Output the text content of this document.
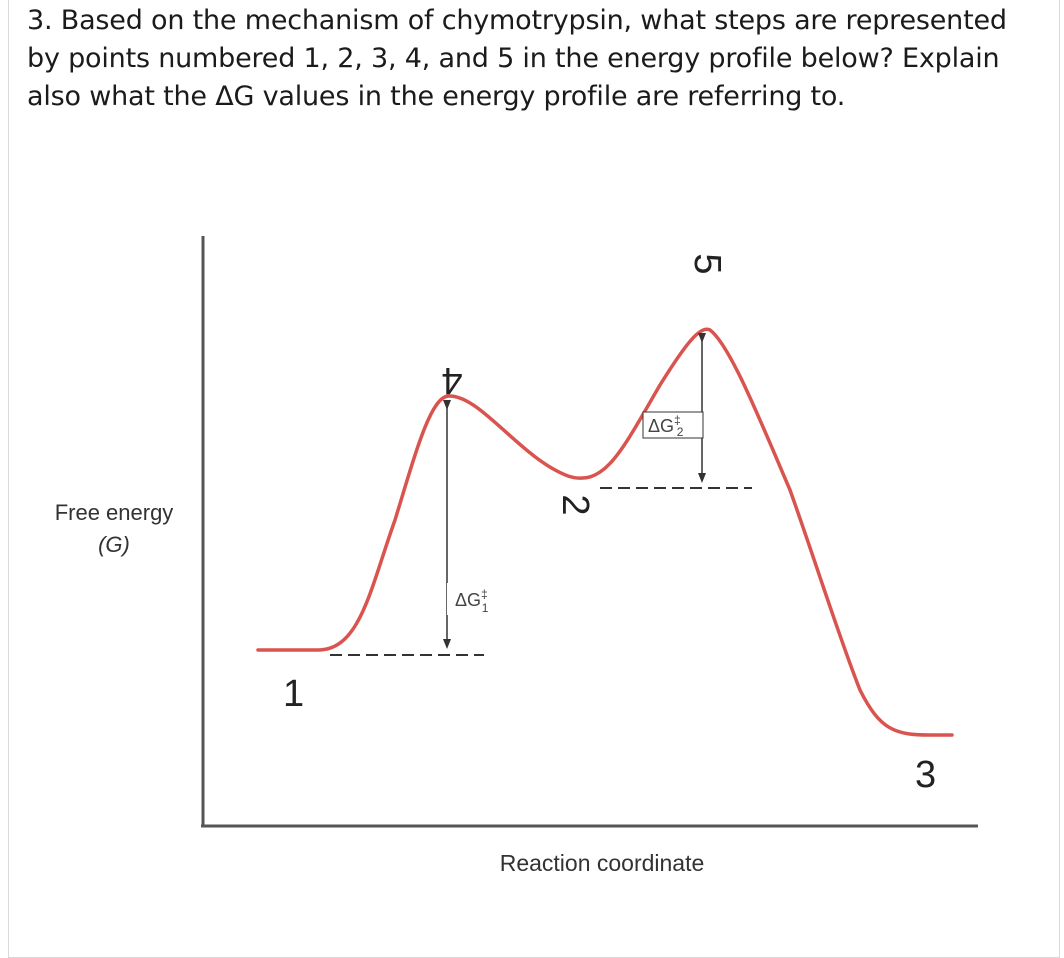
3. Based on the mechanism of chymotrypsin, what steps are represented by points numbered 1, 2, 3, 4, and 5 in the energy profile below? Explain also what the ΔG values in the energy profile are referring to.

ΔG‡ 1
ΔG‡ 2
1
3
4
5
2
Free energy
(G)
Reaction coordinate
